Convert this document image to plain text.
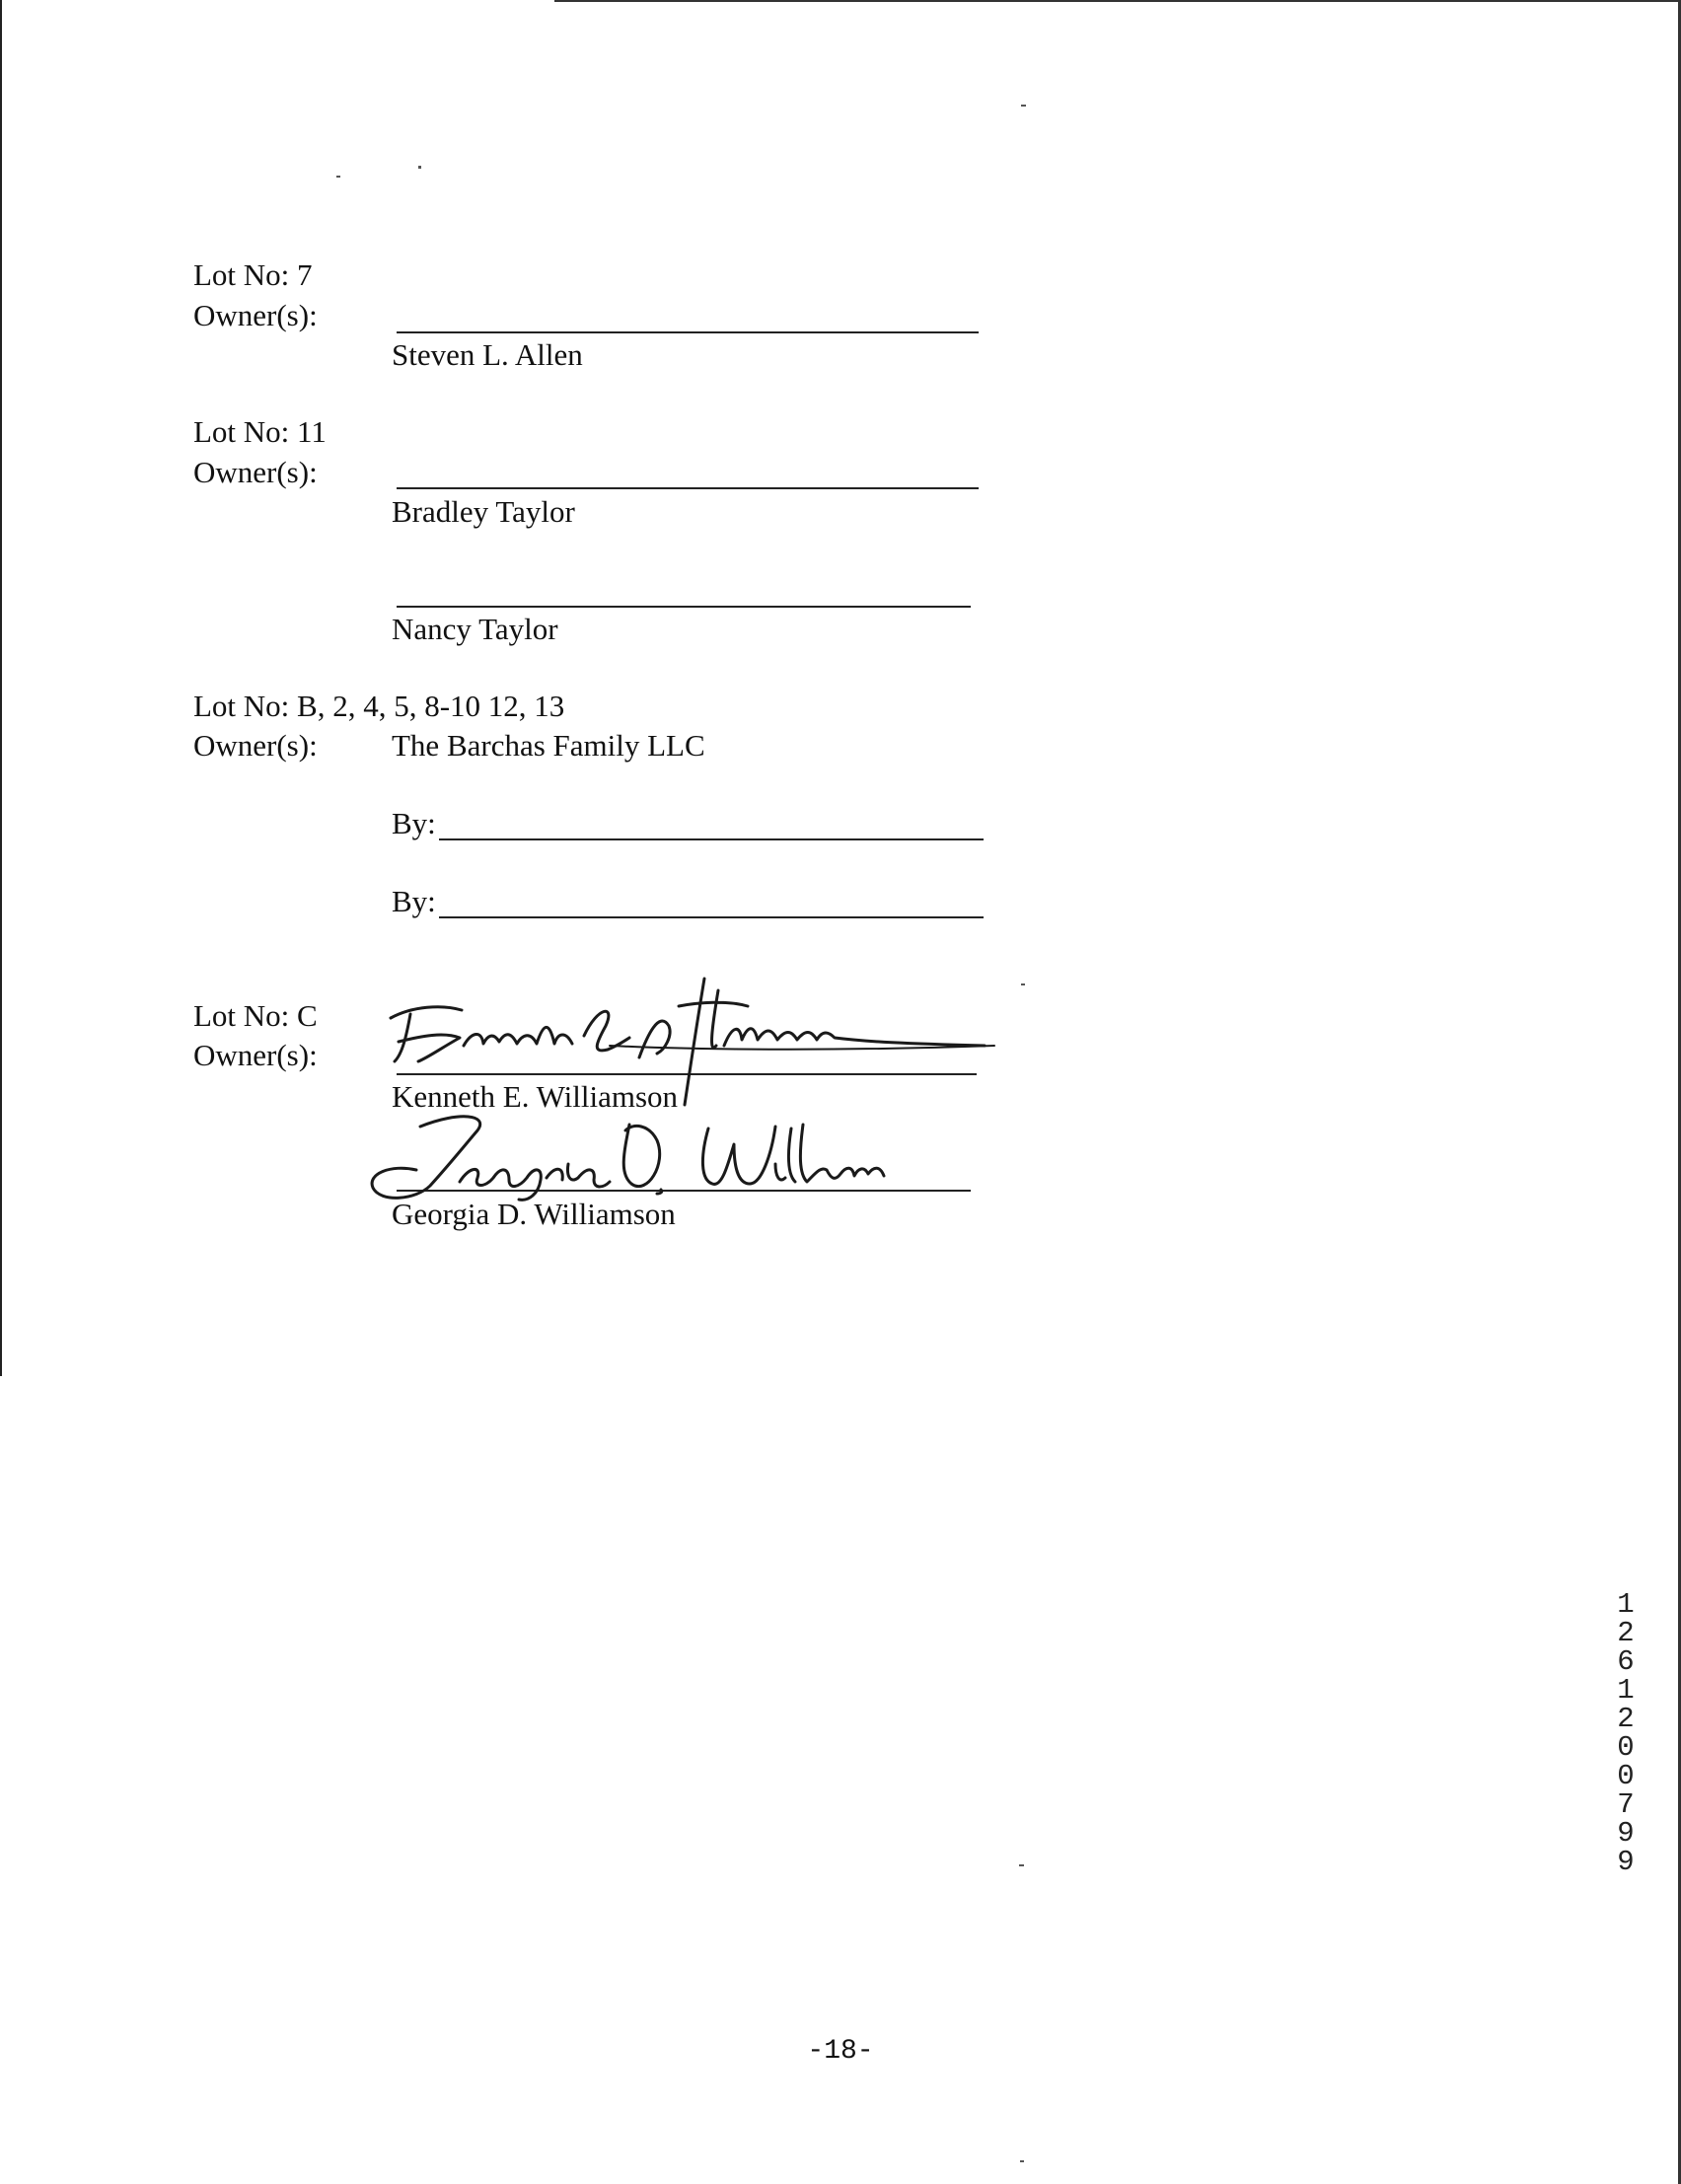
Lot No: 7
Owner(s):
Steven L. Allen
Lot No: 11
Owner(s):
Bradley Taylor
Nancy Taylor
Lot No: B, 2, 4, 5, 8-10 12, 13
Owner(s): The Barchas Family LLC
By:
By:
Lot No: C
Owner(s):
Kenneth E. Williamson
Georgia D. Williamson
12612 00799
-18-
